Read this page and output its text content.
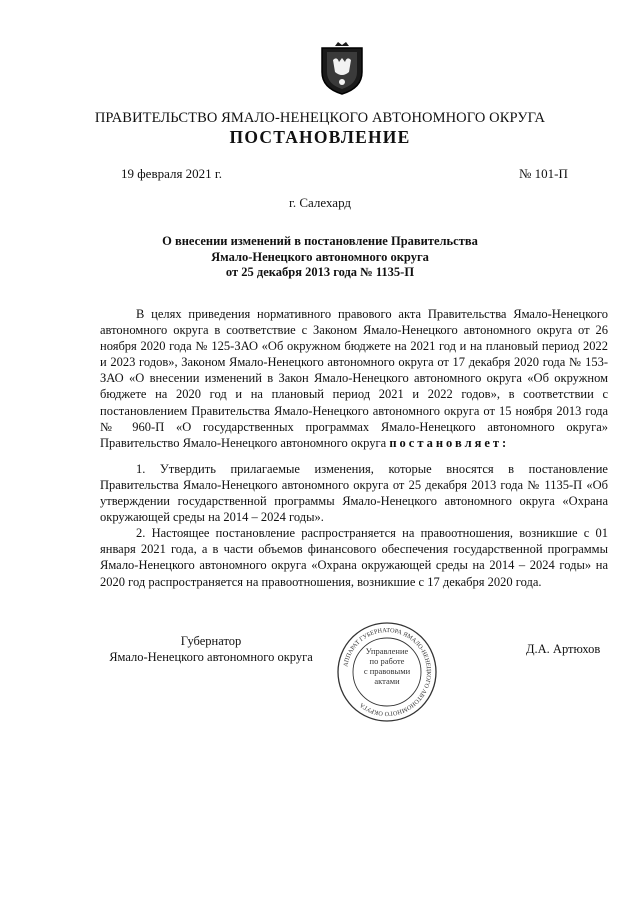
ПРАВИТЕЛЬСТВО ЯМАЛО-НЕНЕЦКОГО АВТОНОМНОГО ОКРУГА
ПОСТАНОВЛЕНИЕ
19 февраля 2021 г.	№ 101-П
г. Салехард
О внесении изменений в постановление Правительства
Ямало-Ненецкого автономного округа
от 25 декабря 2013 года № 1135-П

В целях приведения нормативного правового акта Правительства Ямало-Ненецкого автономного округа в соответствие с Законом Ямало-Ненецкого автономного округа от 26 ноября 2020 года № 125-ЗАО «Об окружном бюджете на 2021 год и на плановый период 2022 и 2023 годов», Законом Ямало-Ненецкого автономного округа от 17 декабря 2020 года № 153-ЗАО «О внесении изменений в Закон Ямало-Ненецкого автономного округа «Об окружном бюджете на 2020 год и на плановый период 2021 и 2022 годов», в соответствии с постановлением Правительства Ямало-Ненецкого автономного округа от 15 ноября 2013 года № 960-П «О государственных программах Ямало-Ненецкого автономного округа» Правительство Ямало-Ненецкого автономного округа постановляет:

1. Утвердить прилагаемые изменения, которые вносятся в постановление Правительства Ямало-Ненецкого автономного округа от 25 декабря 2013 года № 1135-П «Об утверждении государственной программы Ямало-Ненецкого автономного округа «Охрана окружающей среды на 2014 – 2024 годы».

2. Настоящее постановление распространяется на правоотношения, возникшие с 01 января 2021 года, а в части объемов финансового обеспечения государственной программы Ямало-Ненецкого автономного округа «Охрана окружающей среды на 2014 – 2024 годы» на 2020 год распространяется на правоотношения, возникшие с 17 декабря 2020 года.

Губернатор
Ямало-Ненецкого автономного округа
АППАРАТ ГУБЕРНАТОРА ЯМАЛО-НЕНЕЦКОГО АВТОНОМНОГО ОКРУГА
Управление
по работе
с правовыми
актами
Д.А. Артюхов
